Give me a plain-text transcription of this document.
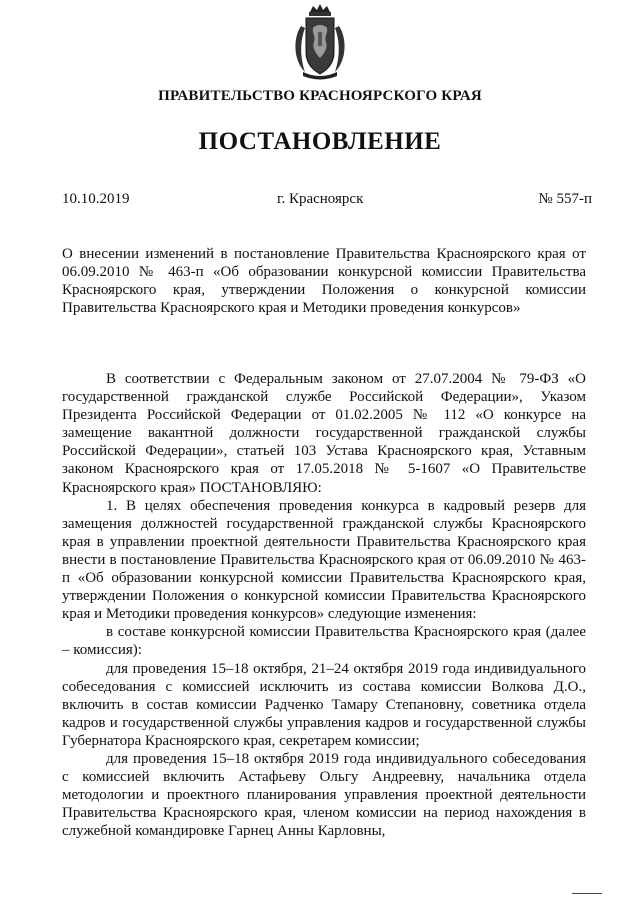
ПРАВИТЕЛЬСТВО КРАСНОЯРСКОГО КРАЯ
ПОСТАНОВЛЕНИЕ
10.10.2019	г. Красноярск	№ 557-п
О внесении изменений в постановление Правительства Красноярского края от 06.09.2010 № 463-п «Об образовании конкурсной комиссии Правительства Красноярского края, утверждении Положения о конкурсной комиссии Правительства Красноярского края и Методики проведения конкурсов»

В соответствии с Федеральным законом от 27.07.2004 № 79-ФЗ «О государственной гражданской службе Российской Федерации», Указом Президента Российской Федерации от 01.02.2005 № 112 «О конкурсе на замещение вакантной должности государственной гражданской службы Российской Федерации», статьей 103 Устава Красноярского края, Уставным законом Красноярского края от 17.05.2018 № 5-1607 «О Правительстве Красноярского края» ПОСТАНОВЛЯЮ:

1. В целях обеспечения проведения конкурса в кадровый резерв для замещения должностей государственной гражданской службы Красноярского края в управлении проектной деятельности Правительства Красноярского края внести в постановление Правительства Красноярского края от 06.09.2010 № 463-п «Об образовании конкурсной комиссии Правительства Красноярского края, утверждении Положения о конкурсной комиссии Правительства Красноярского края и Методики проведения конкурсов» следующие изменения:

в составе конкурсной комиссии Правительства Красноярского края (далее – комиссия):

для проведения 15–18 октября, 21–24 октября 2019 года индивидуального собеседования с комиссией исключить из состава комиссии Волкова Д.О., включить в состав комиссии Радченко Тамару Степановну, советника отдела кадров и государственной службы управления кадров и государственной службы Губернатора Красноярского края, секретарем комиссии;

для проведения 15–18 октября 2019 года индивидуального собеседования с комиссией включить Астафьеву Ольгу Андреевну, начальника отдела методологии и проектного планирования управления проектной деятельности Правительства Красноярского края, членом комиссии на период нахождения в служебной командировке Гарнец Анны Карловны,
